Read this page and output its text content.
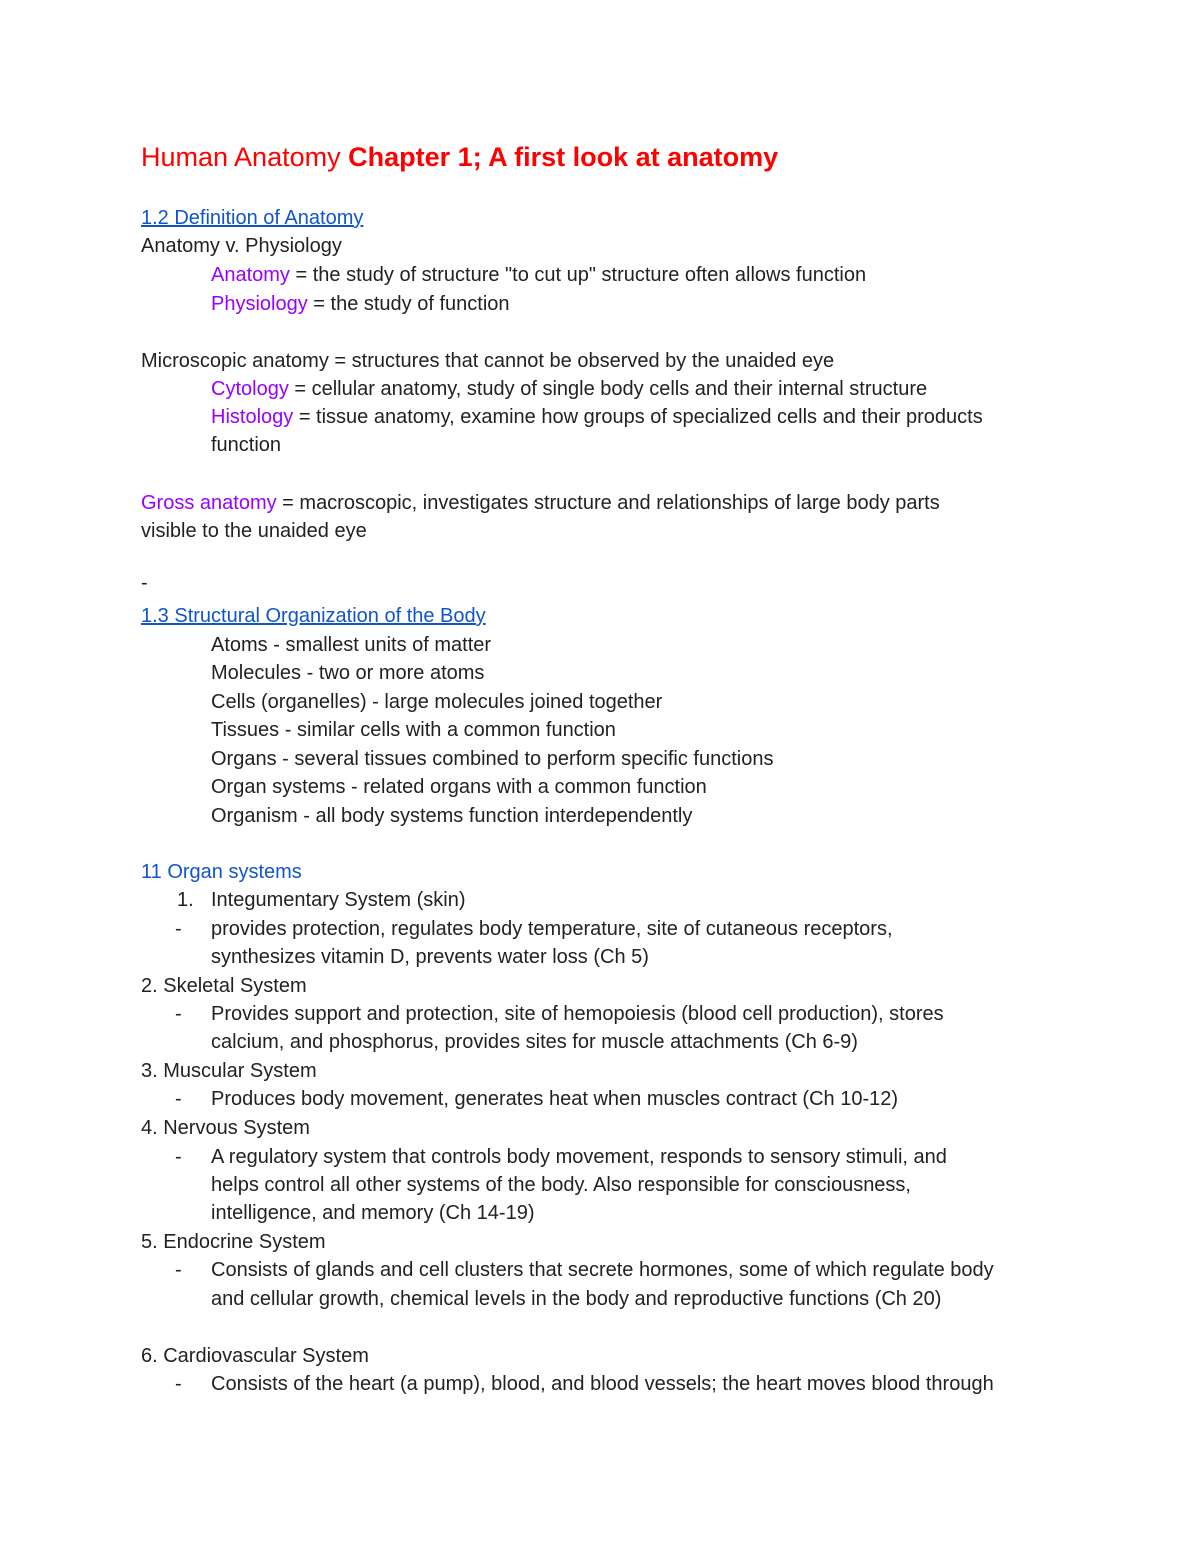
Human Anatomy Chapter 1; A first look at anatomy
1.2 Definition of Anatomy
Anatomy v. Physiology
Anatomy = the study of structure "to cut up" structure often allows function
Physiology = the study of function
Microscopic anatomy = structures that cannot be observed by the unaided eye
Cytology = cellular anatomy, study of single body cells and their internal structure
Histology = tissue anatomy, examine how groups of specialized cells and their products
function
Gross anatomy = macroscopic, investigates structure and relationships of large body parts
visible to the unaided eye
-
1.3 Structural Organization of the Body
Atoms - smallest units of matter
Molecules - two or more atoms
Cells (organelles) - large molecules joined together
Tissues - similar cells with a common function
Organs - several tissues combined to perform specific functions
Organ systems - related organs with a common function
Organism - all body systems function interdependently
11 Organ systems
1. Integumentary System (skin)
- provides protection, regulates body temperature, site of cutaneous receptors,
synthesizes vitamin D, prevents water loss (Ch 5)
2. Skeletal System
- Provides support and protection, site of hemopoiesis (blood cell production), stores
calcium, and phosphorus, provides sites for muscle attachments (Ch 6-9)
3. Muscular System
- Produces body movement, generates heat when muscles contract (Ch 10-12)
4. Nervous System
- A regulatory system that controls body movement, responds to sensory stimuli, and
helps control all other systems of the body. Also responsible for consciousness,
intelligence, and memory (Ch 14-19)
5. Endocrine System
- Consists of glands and cell clusters that secrete hormones, some of which regulate body
and cellular growth, chemical levels in the body and reproductive functions (Ch 20)
6. Cardiovascular System
- Consists of the heart (a pump), blood, and blood vessels; the heart moves blood through
